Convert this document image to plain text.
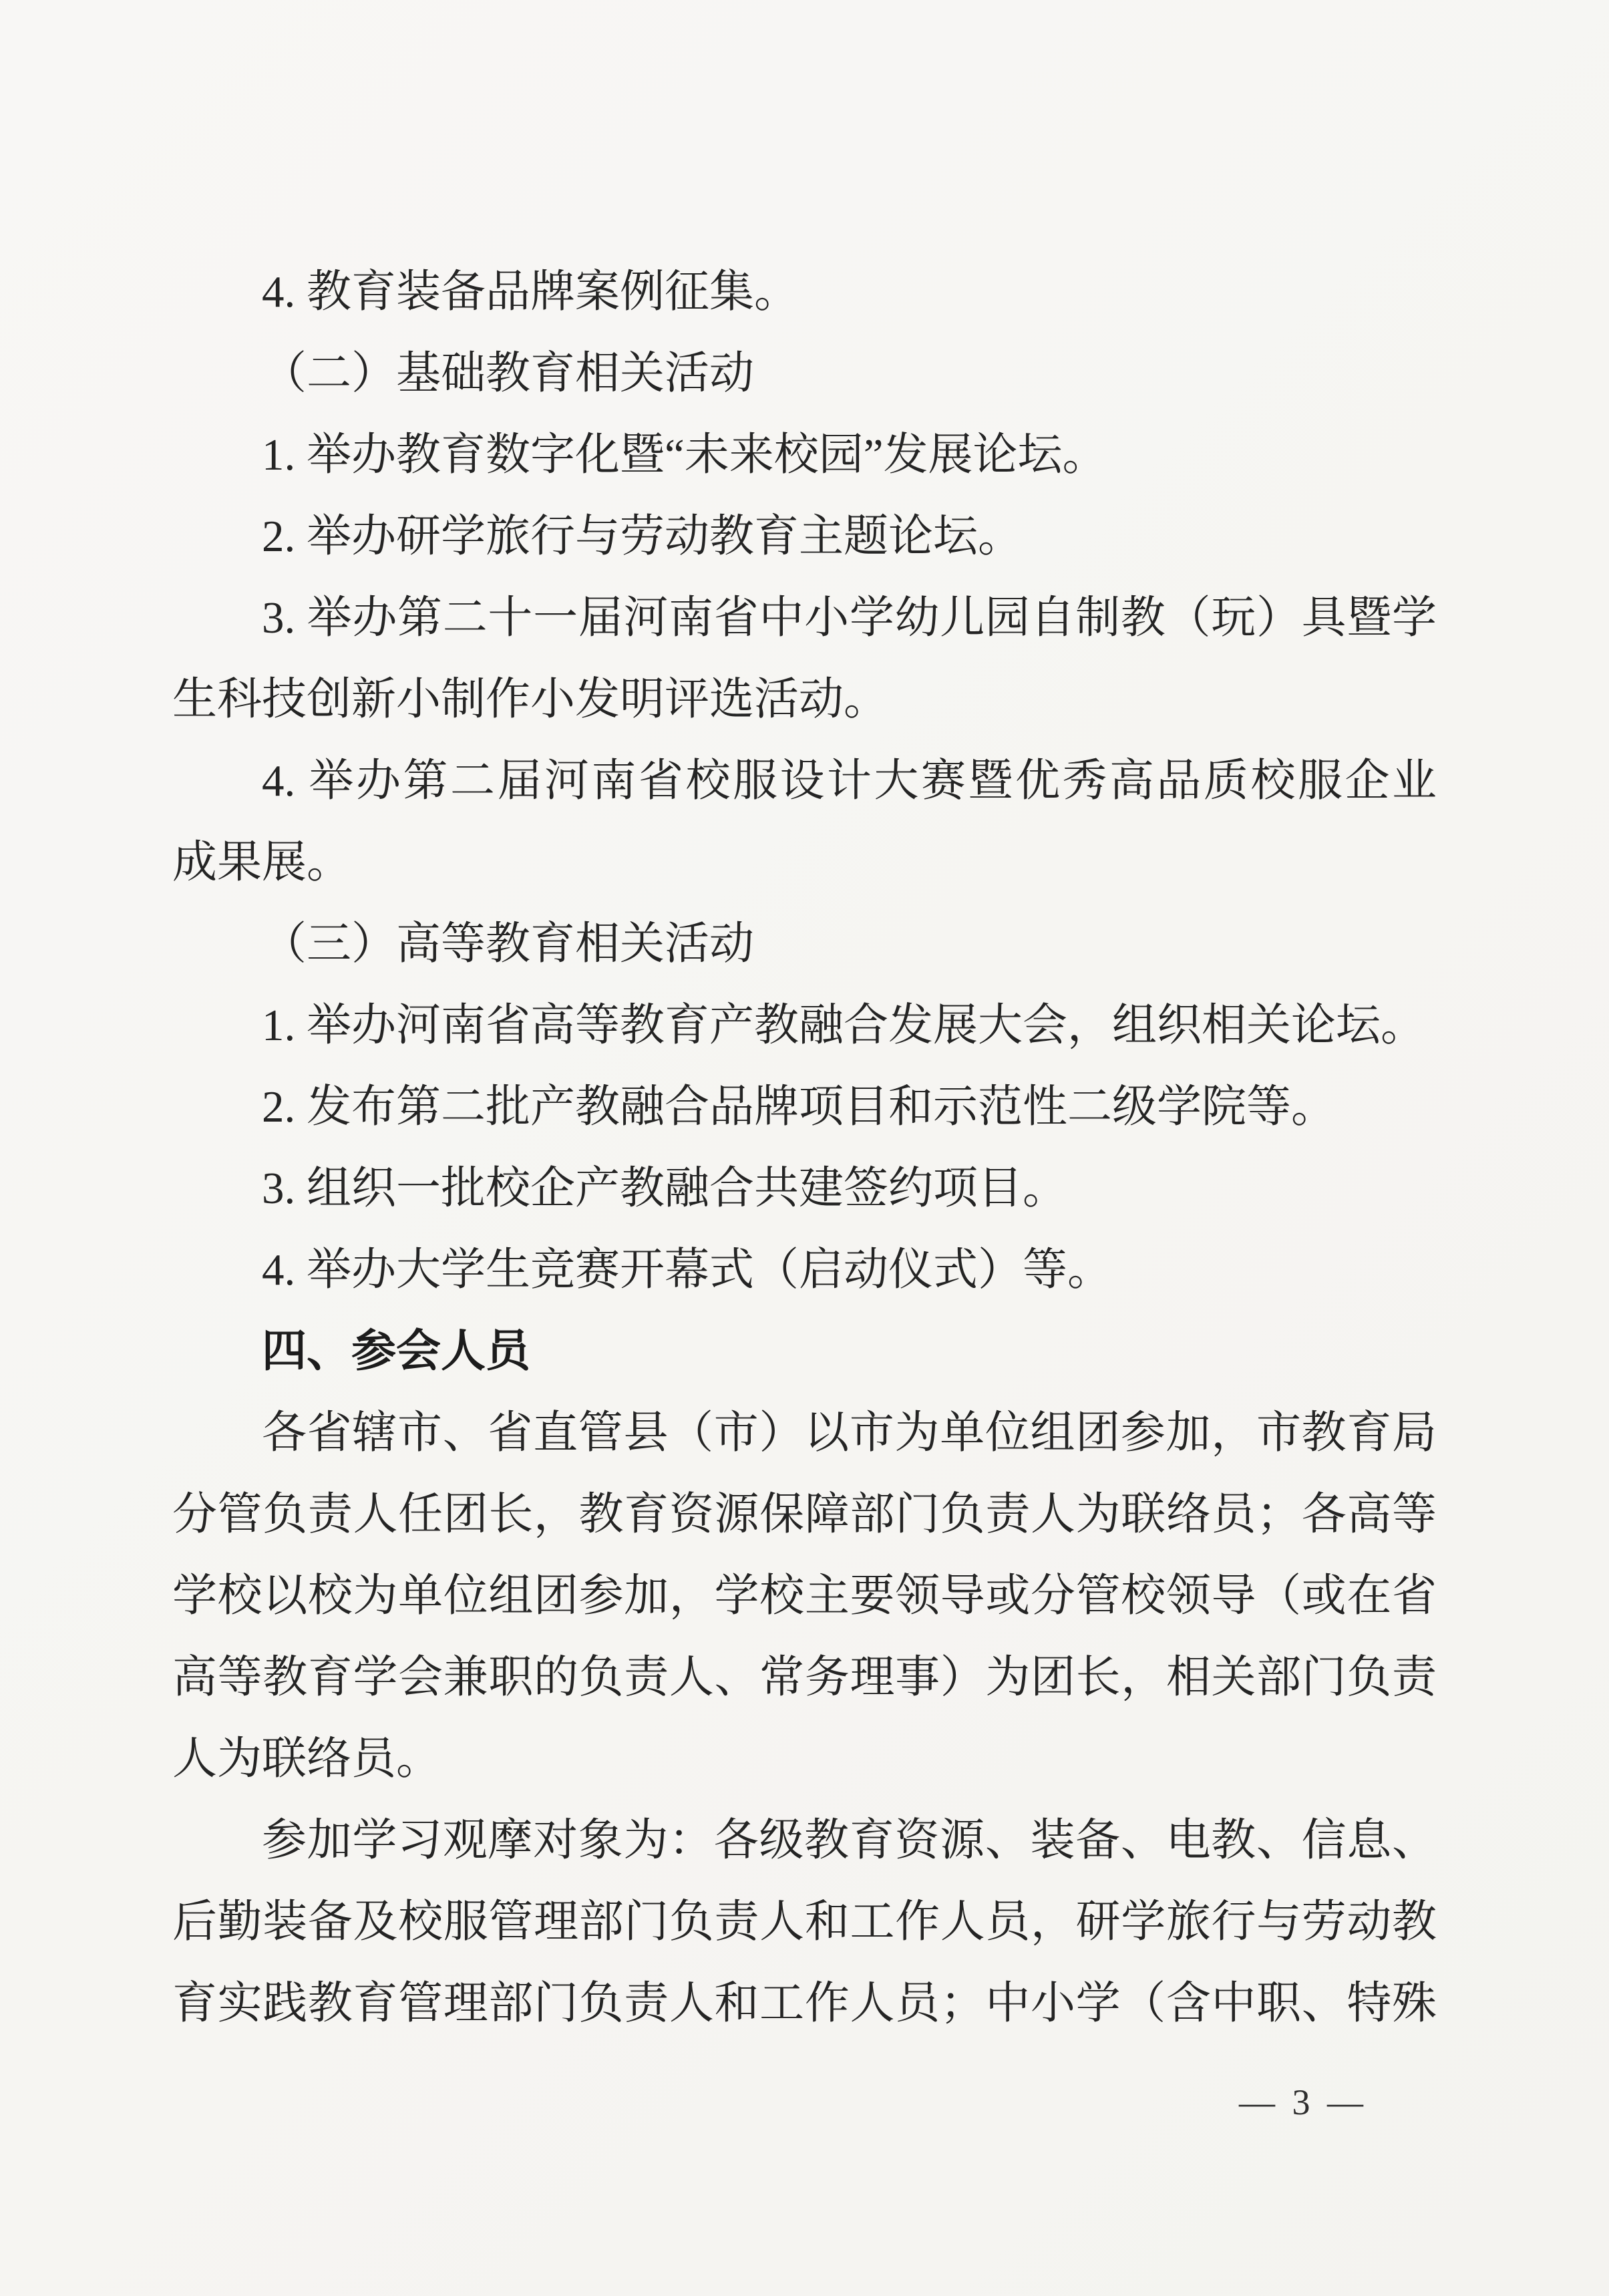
4. 教育装备品牌案例征集。
（二）基础教育相关活动
1. 举办教育数字化暨“未来校园”发展论坛。
2. 举办研学旅行与劳动教育主题论坛。
3. 举办第二十一届河南省中小学幼儿园自制教（玩）具暨学
生科技创新小制作小发明评选活动。
4. 举办第二届河南省校服设计大赛暨优秀高品质校服企业
成果展。
（三）高等教育相关活动
1. 举办河南省高等教育产教融合发展大会，组织相关论坛。
2. 发布第二批产教融合品牌项目和示范性二级学院等。
3. 组织一批校企产教融合共建签约项目。
4. 举办大学生竞赛开幕式（启动仪式）等。
四、参会人员
各省辖市、省直管县（市）以市为单位组团参加，市教育局
分管负责人任团长，教育资源保障部门负责人为联络员；各高等
学校以校为单位组团参加，学校主要领导或分管校领导（或在省
高等教育学会兼职的负责人、常务理事）为团长，相关部门负责
人为联络员。
参加学习观摩对象为：各级教育资源、装备、电教、信息、
后勤装备及校服管理部门负责人和工作人员，研学旅行与劳动教
育实践教育管理部门负责人和工作人员；中小学（含中职、特殊
— 3 —
